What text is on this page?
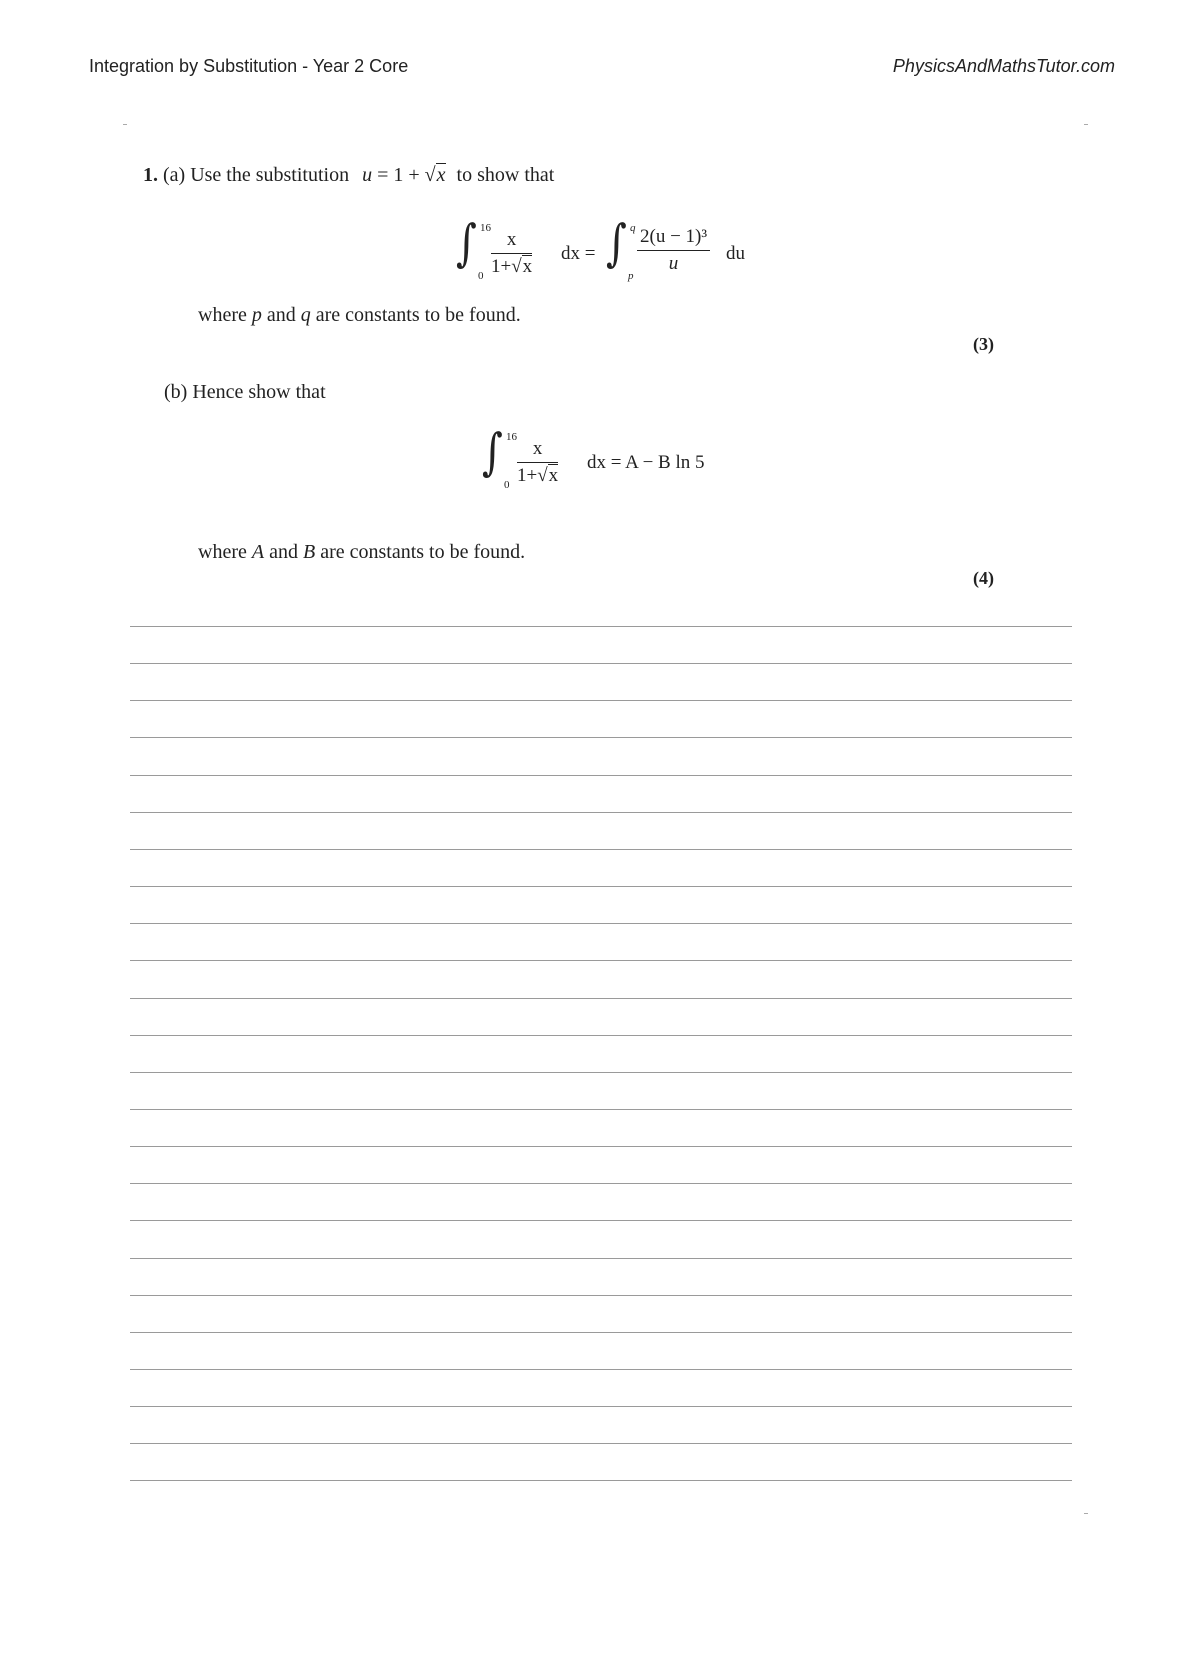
Integration by Substitution - Year 2 Core	PhysicsAndMathsTutor.com
1. (a) Use the substitution u = 1 + √x to show that
∫ 16
$0 \frac{x}{1+√x}$ dx = ∫ q
p
$\frac{\text{2(u − 1)³}}{u}$ du
where p and q are constants to be found.
(3)
(b) Hence show that
∫ 16
$0 \frac{x}{1+√x}$ dx = A − B ln 5
where A and B are constants to be found.
(4)
